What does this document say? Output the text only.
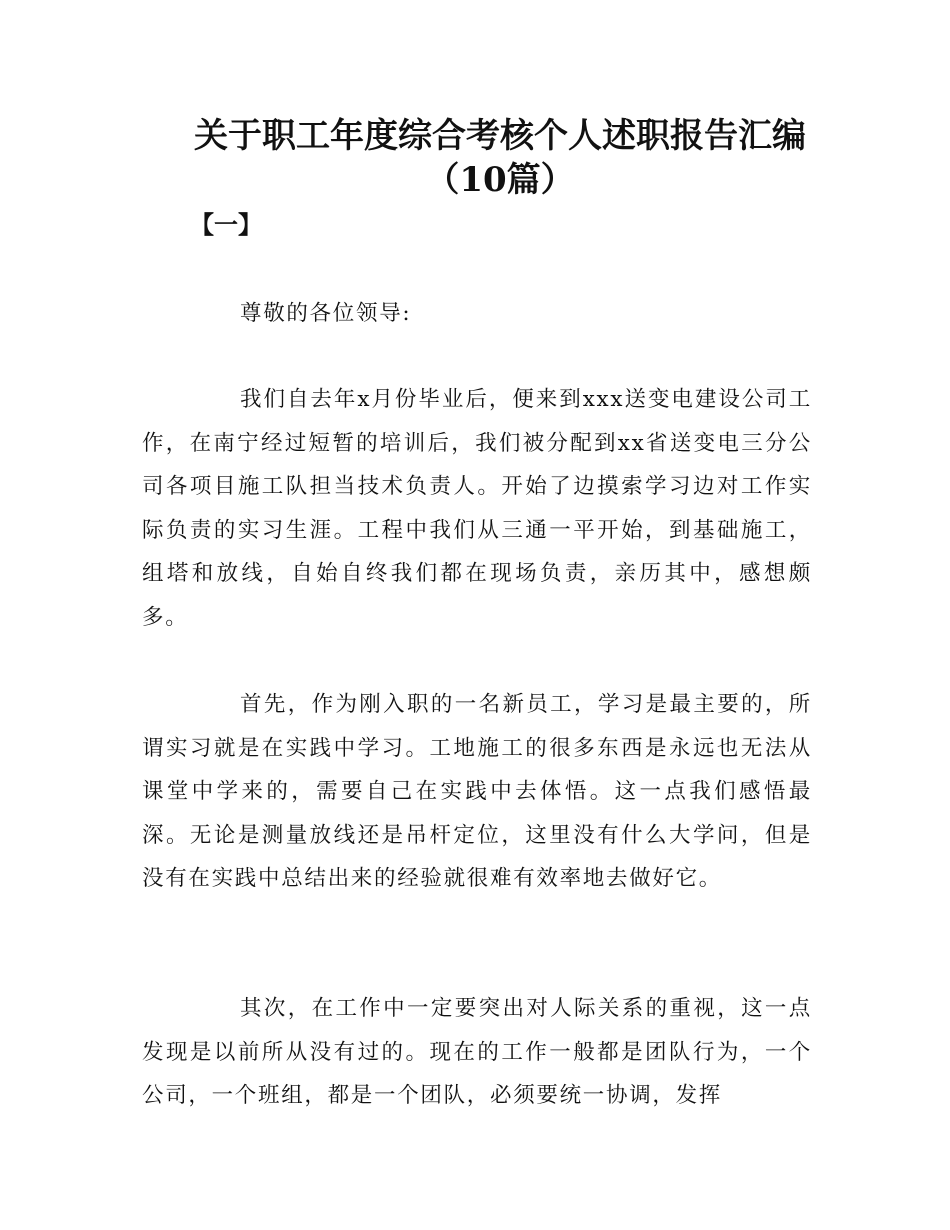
关于职工年度综合考核个人述职报告汇编
（10篇）
【一】

尊敬的各位领导:

我们自去年x月份毕业后，便来到xxx送变电建设公司工作，在南宁经过短暂的培训后，我们被分配到xx省送变电三分公司各项目施工队担当技术负责人。开始了边摸索学习边对工作实际负责的实习生涯。工程中我们从三通一平开始，到基础施工，组塔和放线，自始自终我们都在现场负责，亲历其中，感想颇多。

首先，作为刚入职的一名新员工，学习是最主要的，所谓实习就是在实践中学习。工地施工的很多东西是永远也无法从课堂中学来的，需要自己在实践中去体悟。这一点我们感悟最深。无论是测量放线还是吊杆定位，这里没有什么大学问，但是没有在实践中总结出来的经验就很难有效率地去做好它。

其次，在工作中一定要突出对人际关系的重视，这一点发现是以前所从没有过的。现在的工作一般都是团队行为，一个公司，一个班组，都是一个团队，必须要统一协调，发挥
